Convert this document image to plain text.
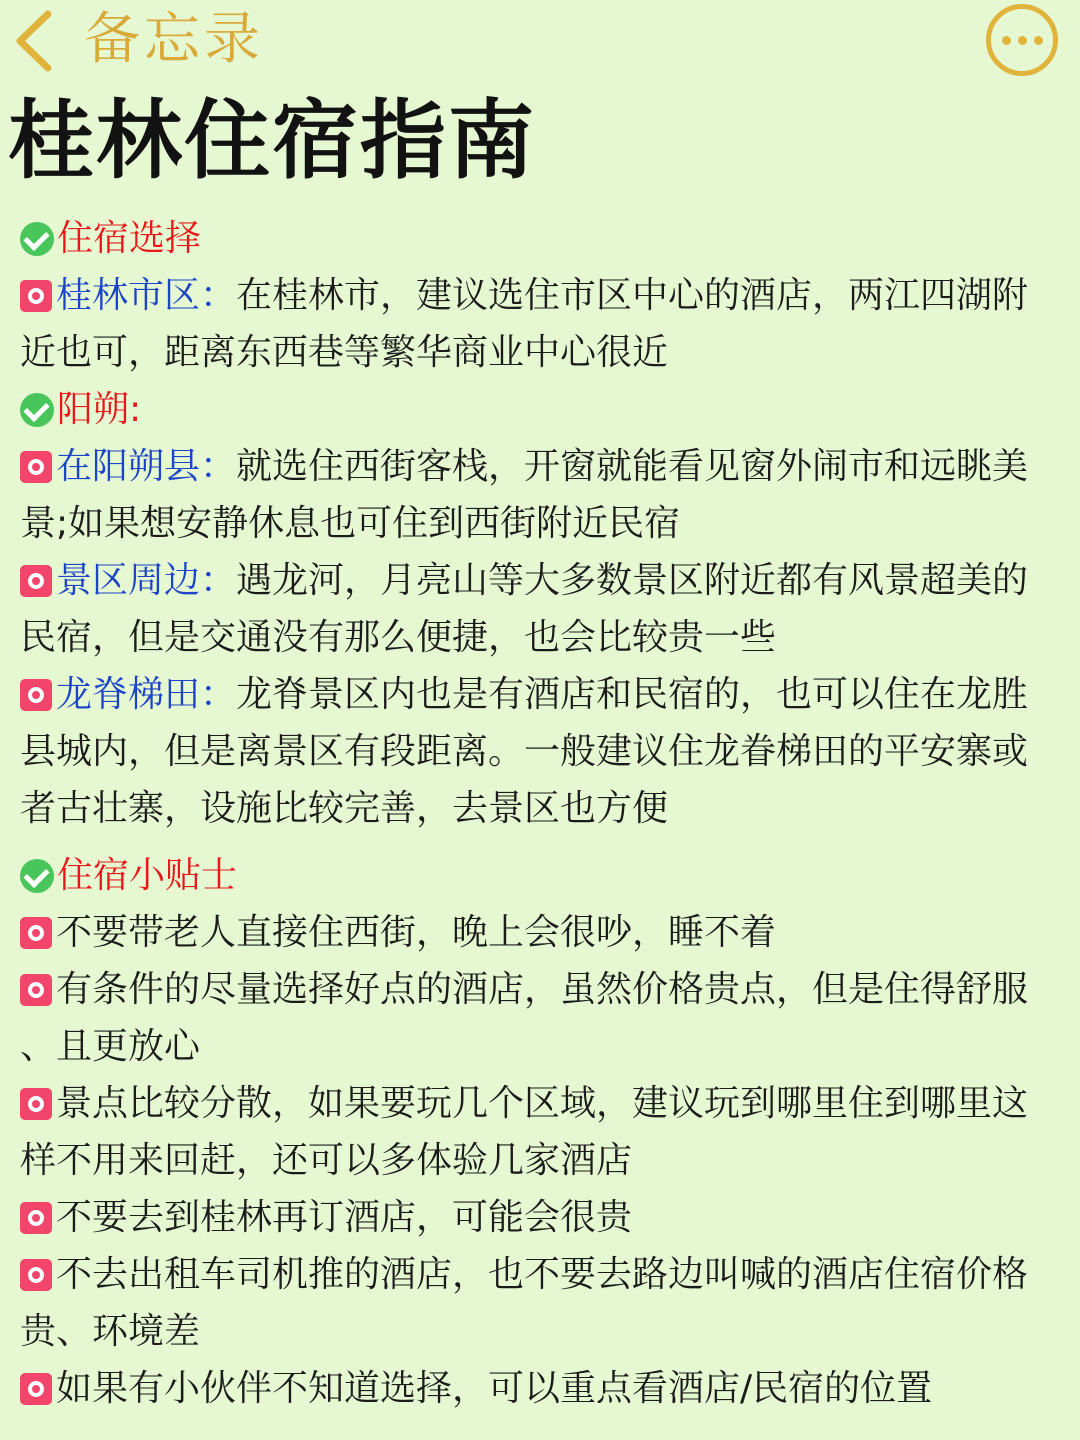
备忘录
桂林住宿指南
住宿选择
桂林市区： 在桂林市，建议选住市区中心的酒店，两江四湖附
近也可，距离东西巷等繁华商业中心很近
阳朔:
在阳朔县： 就选住西街客栈，开窗就能看见窗外闹市和远眺美
景;如果想安静休息也可住到西街附近民宿
景区周边： 遇龙河，月亮山等大多数景区附近都有风景超美的
民宿，但是交通没有那么便捷，也会比较贵一些
龙脊梯田： 龙脊景区内也是有酒店和民宿的，也可以住在龙胜
县城内，但是离景区有段距离。一般建议住龙眷梯田的平安寨或
者古壮寨，设施比较完善，去景区也方便
住宿小贴士
不要带老人直接住西街，晚上会很吵，睡不着
有条件的尽量选择好点的酒店，虽然价格贵点，但是住得舒服
、且更放心
景点比较分散，如果要玩几个区域，建议玩到哪里住到哪里这
样不用来回赶，还可以多体验几家酒店
不要去到桂林再订酒店，可能会很贵
不去出租车司机推的酒店，也不要去路边叫喊的酒店住宿价格
贵、环境差
如果有小伙伴不知道选择，可以重点看酒店/民宿的位置
